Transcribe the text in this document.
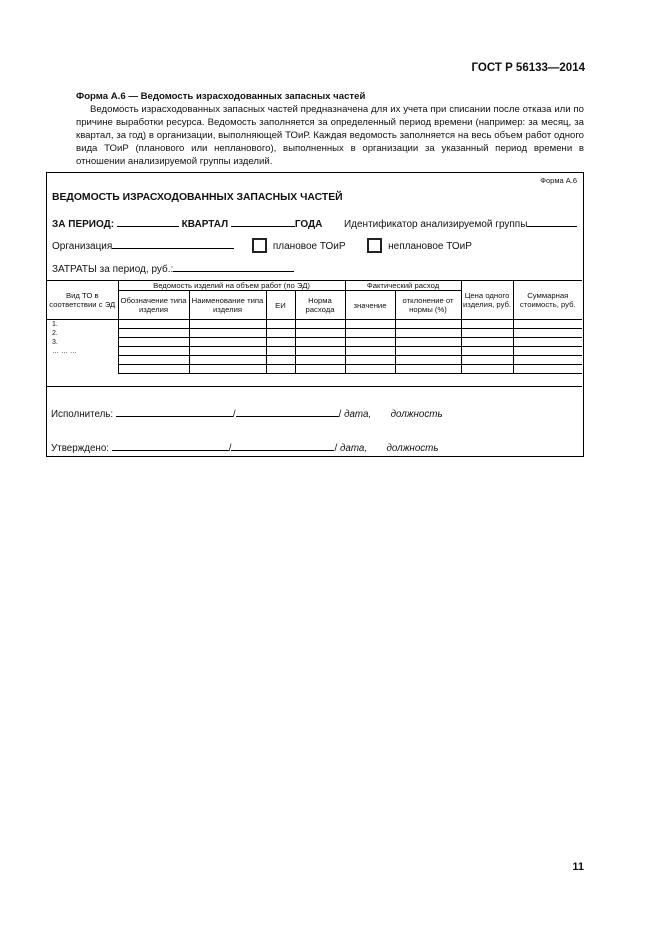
ГОСТ Р 56133—2014
Форма А.6 — Ведомость израсходованных запасных частей

Ведомость израсходованных запасных частей предназначена для их учета при списании после отказа или по причине выработки ресурса. Ведомость заполняется за определенный период времени (например: за месяц, за квартал, за год) в организации, выполняющей ТОиР. Каждая ведомость заполняется на весь объем работ одного вида ТОиР (планового или непланового), выполненных в организации за указанный период времени в отношении анализируемой группы изделий.

Форма А.6
ВЕДОМОСТЬ ИЗРАСХОДОВАННЫХ ЗАПАСНЫХ ЧАСТЕЙ
ЗА ПЕРИОД:	КВАРТАЛ	ГОДА Идентификатор анализируемой группы
Организация	плановое ТОиР	неплановое ТОиР
ЗАТРАТЫ за период, руб.:
Вид ТО в соответствии с ЭД	Ведомость изделий на объем работ (по ЭД)				Фактический расход		Цена одного изделия, руб.	Суммарная стоимость, руб.
	Обозначение типа изделия	Наименование типа изделия	ЕИ	Норма расхода	значение	отклонение от нормы (%)		

1.
2.
3.
… … …								

Исполнитель:	/	/ дата, должность
Утверждено:	/	/ дата, должность
11
